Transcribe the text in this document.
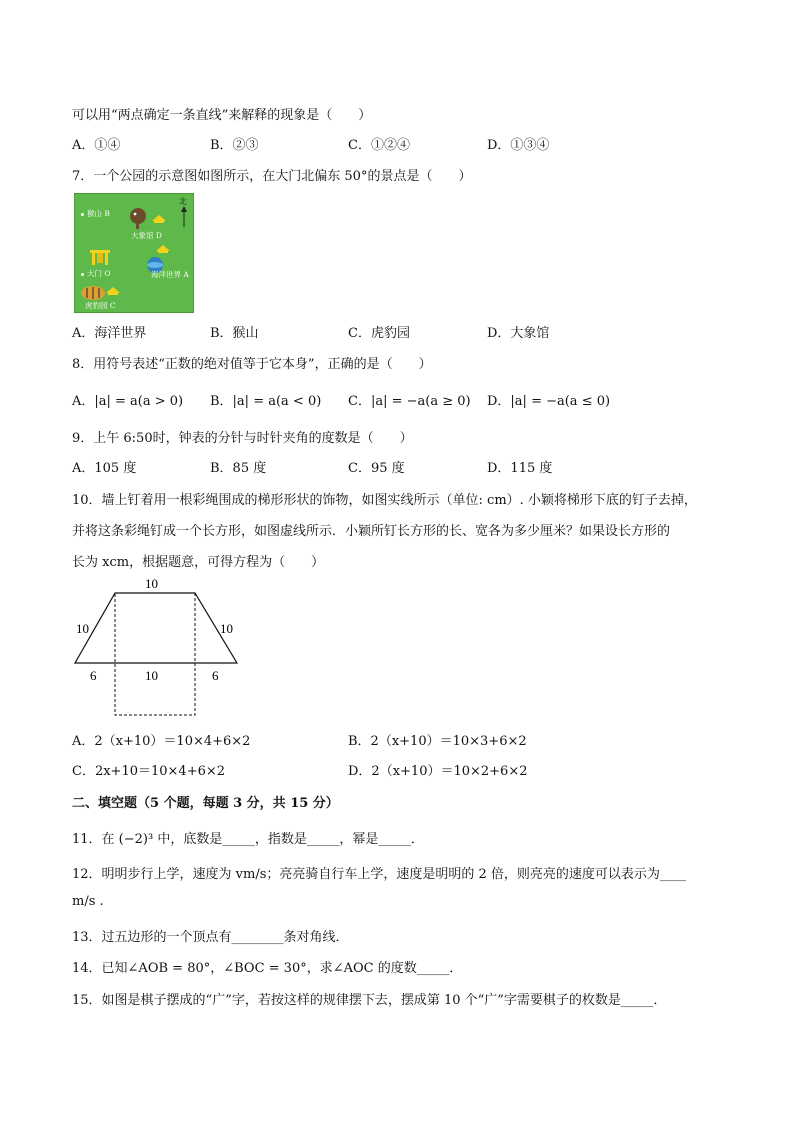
可以用“两点确定一条直线”来解释的现象是（　　）
A．①④	B．②③	C．①②④	D．①③④
7．一个公园的示意图如图所示，在大门北偏东 50°的景点是（　　）
北
猴山 B
大象馆 D
大门 O	海洋世界 A
虎豹园 C
A．海洋世界	B．猴山	C．虎豹园	D．大象馆
8．用符号表述“正数的绝对值等于它本身”，正确的是（　　）
A．|a| = a(a > 0) B．|a| = a(a < 0) C．|a| = −a(a ≥ 0) D．|a| = −a(a ≤ 0)
9．上午 6:50时，钟表的分针与时针夹角的度数是（　　）
A．105 度	B．85 度	C．95 度	D．115 度
10．墙上钉着用一根彩绳围成的梯形形状的饰物，如图实线所示（单位: cm）. 小颖将梯形下底的钉子去掉，
并将这条彩绳钉成一个长方形，如图虚线所示．小颖所钉长方形的长、宽各为多少厘米？如果设长方形的
长为 xcm，根据题意，可得方程为（　　）
10
10	10
6	10	6
A．2（x+10）＝10×4+6×2	B．2（x+10）＝10×3+6×2
C．2x+10＝10×4+6×2	D．2（x+10）＝10×2+6×2
二、填空题（5 个题，每题 3 分，共 15 分）
11．在 (−2)³ 中，底数是_____，指数是_____，幂是_____．
12．明明步行上学，速度为 vm/s；亮亮骑自行车上学，速度是明明的 2 倍，则亮亮的速度可以表示为____
m/s .
13．过五边形的一个顶点有________条对角线．
14．已知∠AOB = 80°，∠BOC = 30°，求∠AOC 的度数_____．
15．如图是棋子摆成的“广”字，若按这样的规律摆下去，摆成第 10 个“广”字需要棋子的枚数是_____．
